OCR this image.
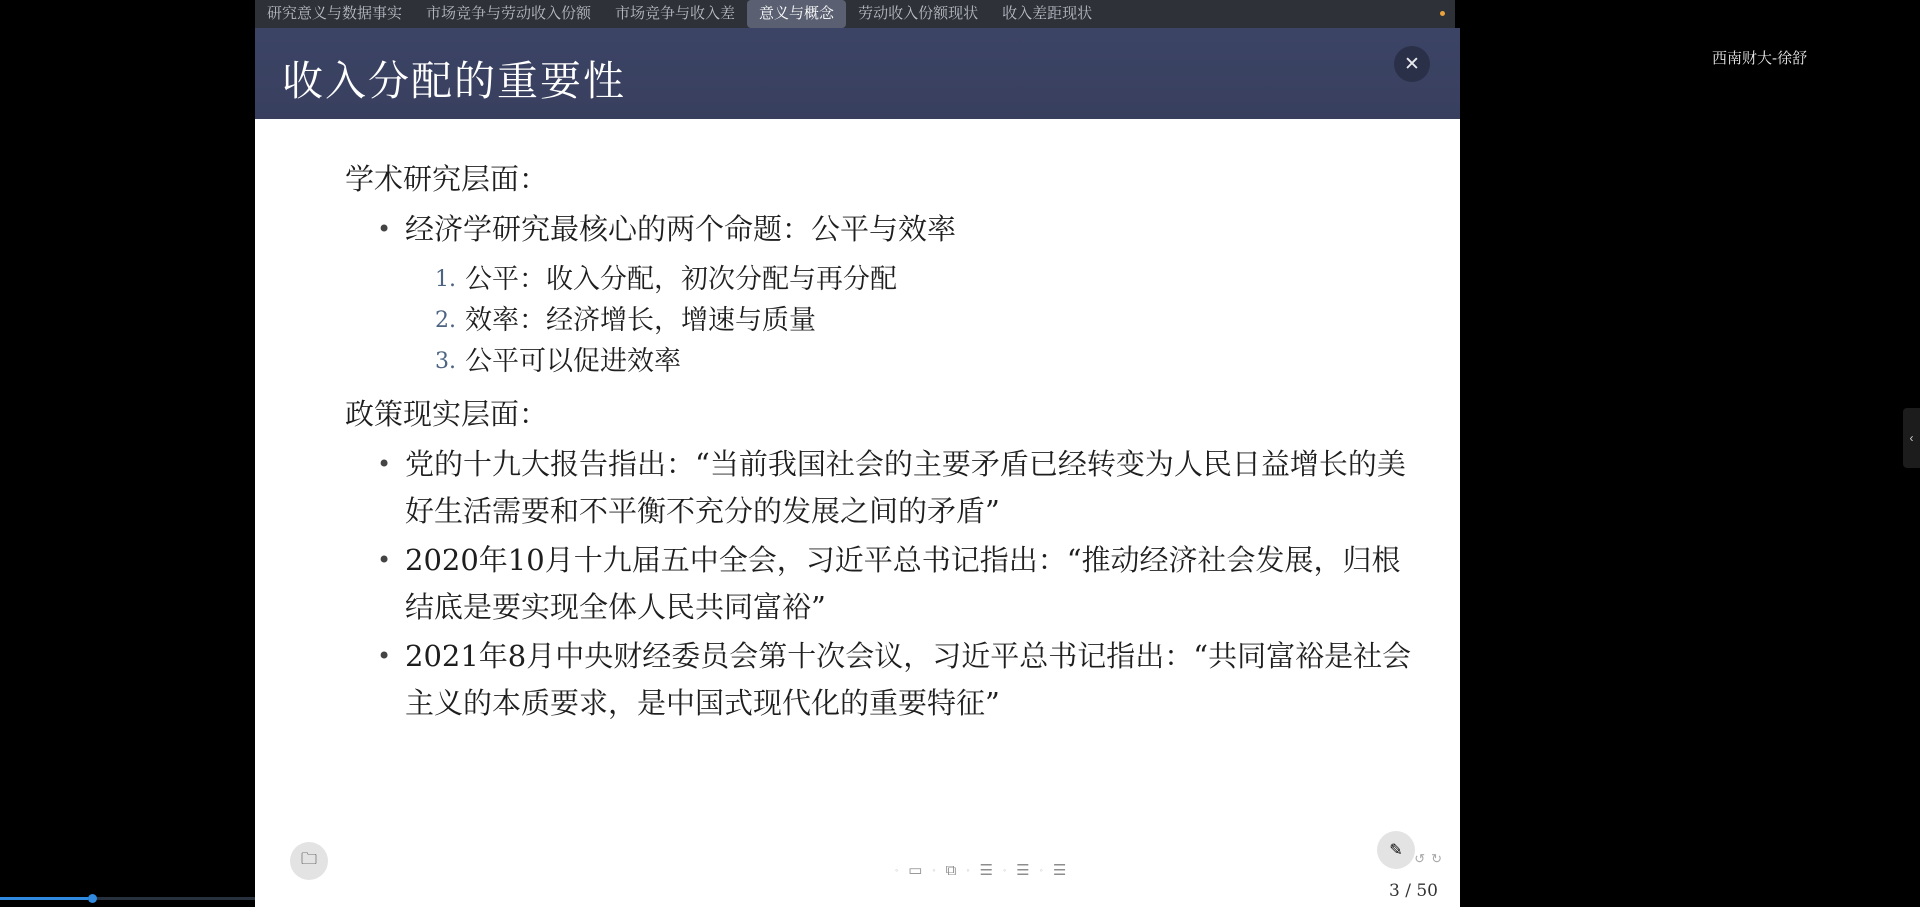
研究意义与数据事实	市场竞争与劳动收入份额	市场竞争与收入差	意义与概念	劳动收入份额现状	收入差距现状
西南财大-徐舒
收入分配的重要性	✕
学术研究层面：
• 经济学研究最核心的两个命题：公平与效率
公平：收入分配，初次分配与再分配
效率：经济增长，增速与质量
公平可以促进效率
政策现实层面：
• 党的十九大报告指出：“当前我国社会的主要矛盾已经转变为人民日益增长的美好生活需要和不平衡不充分的发展之间的矛盾”
• 2020年10月十九届五中全会，习近平总书记指出：“推动经济社会发展，归根结底是要实现全体人民共同富裕”
• 2021年8月中央财经委员会第十次会议，习近平总书记指出：“共同富裕是社会主义的本质要求，是中国式现代化的重要特征”
🗀
◦ ▭ ◦ ⧉ ◦ ☰ ◦ ☰ ◦ ☰
✎ ↺ ↻
3 / 50
‹
